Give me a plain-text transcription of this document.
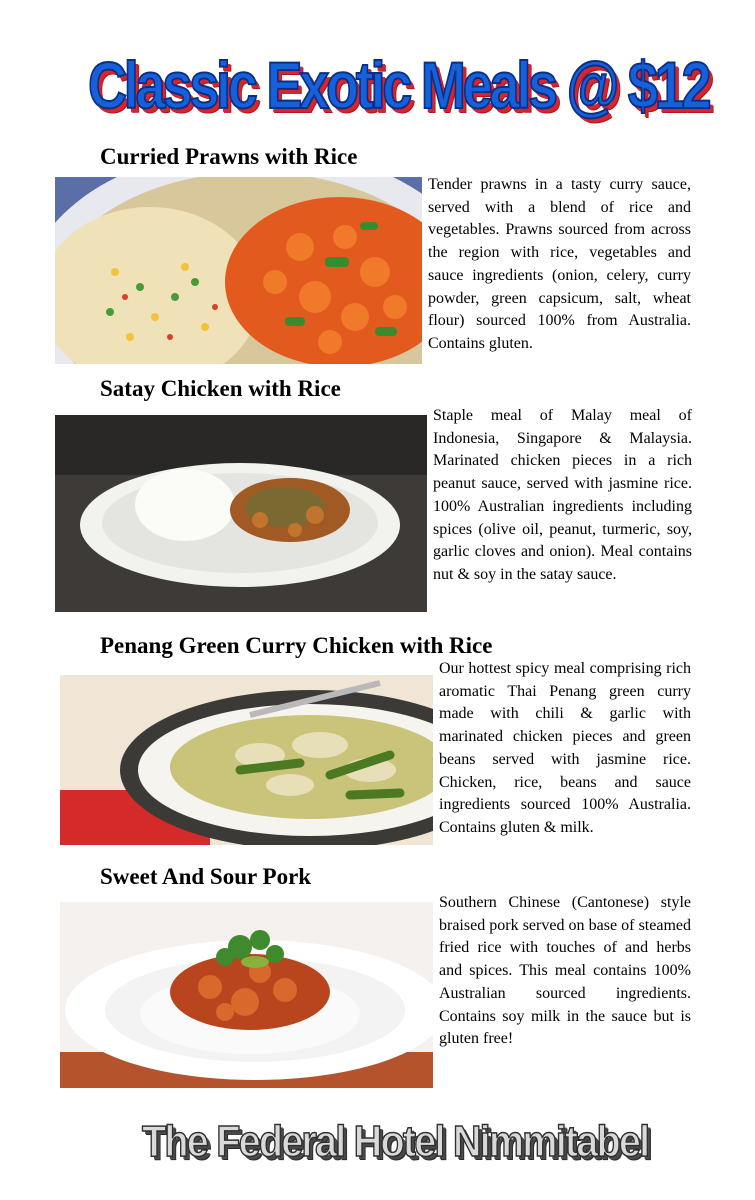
Classic Exotic Meals @ $12
Curried Prawns with Rice
Tender prawns in a tasty curry sauce, served with a blend of rice and vegetables. Prawns sourced from across the region with rice, vegetables and sauce ingredients (onion, celery, curry powder, green capsicum, salt, wheat flour) sourced 100% from Australia. Contains gluten.
Satay Chicken with Rice
Staple meal of Malay meal of Indonesia, Singapore & Malaysia. Marinated chicken pieces in a rich peanut sauce, served with jasmine rice. 100% Australian ingredients including spices (olive oil, peanut, turmeric, soy, garlic cloves and onion). Meal contains nut & soy in the satay sauce.
Penang Green Curry Chicken with Rice
Our hottest spicy meal comprising rich aromatic Thai Penang green curry made with chili & garlic with marinated chicken pieces and green beans served with jasmine rice. Chicken, rice, beans and sauce ingredients sourced 100% Australia. Contains gluten & milk.
Sweet And Sour Pork
Southern Chinese (Cantonese) style braised pork served on base of steamed fried rice with touches of and herbs and spices. This meal contains 100% Australian sourced ingredients. Contains soy milk in the sauce but is gluten free!
The Federal Hotel Nimmitabel
